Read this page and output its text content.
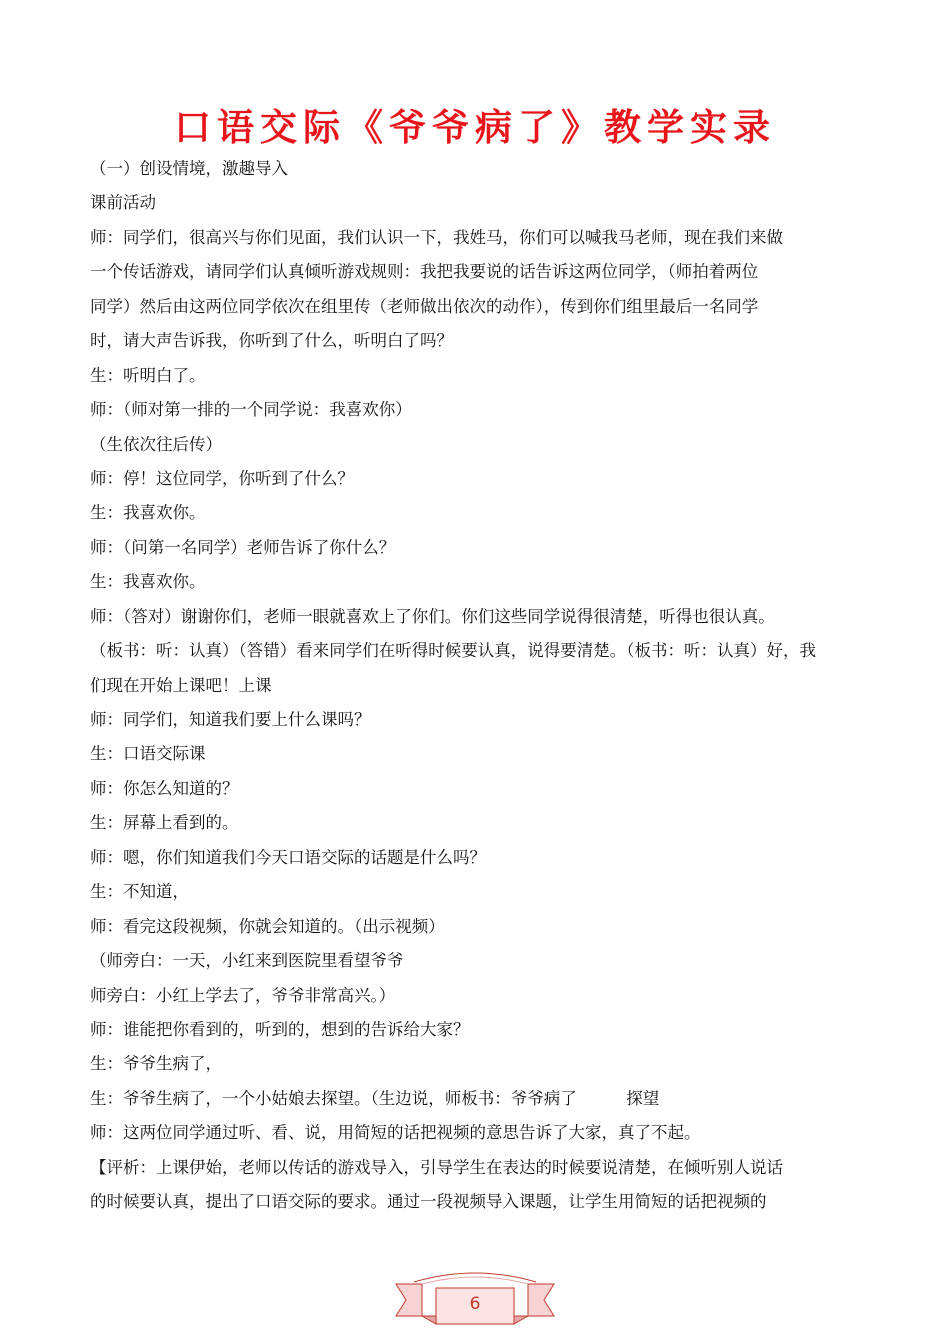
口语交际《爷爷病了》教学实录
（一）创设情境，激趣导入
课前活动
师：同学们，很高兴与你们见面，我们认识一下，我姓马，你们可以喊我马老师，现在我们来做
一个传话游戏，请同学们认真倾听游戏规则：我把我要说的话告诉这两位同学，（师拍着两位
同学）然后由这两位同学依次在组里传（老师做出依次的动作），传到你们组里最后一名同学
时，请大声告诉我，你听到了什么，听明白了吗？
生：听明白了。
师：（师对第一排的一个同学说：我喜欢你）
（生依次往后传）
师：停！这位同学，你听到了什么？
生：我喜欢你。
师：（问第一名同学）老师告诉了你什么？
生：我喜欢你。
师：（答对）谢谢你们，老师一眼就喜欢上了你们。你们这些同学说得很清楚，听得也很认真。
（板书：听：认真）（答错）看来同学们在听得时候要认真，说得要清楚。（板书：听：认真）好，我
们现在开始上课吧！上课
师：同学们，知道我们要上什么课吗？
生：口语交际课
师：你怎么知道的？
生：屏幕上看到的。
师：嗯，你们知道我们今天口语交际的话题是什么吗？
生：不知道，
师：看完这段视频，你就会知道的。（出示视频）
（师旁白：一天，小红来到医院里看望爷爷
师旁白：小红上学去了，爷爷非常高兴。）
师：谁能把你看到的，听到的，想到的告诉给大家？
生：爷爷生病了，
生：爷爷生病了，一个小姑娘去探望。（生边说，师板书：爷爷病了　　　探望
师：这两位同学通过听、看、说，用简短的话把视频的意思告诉了大家，真了不起。
【评析：上课伊始，老师以传话的游戏导入，引导学生在表达的时候要说清楚，在倾听别人说话
的时候要认真，提出了口语交际的要求。通过一段视频导入课题，让学生用简短的话把视频的
6
